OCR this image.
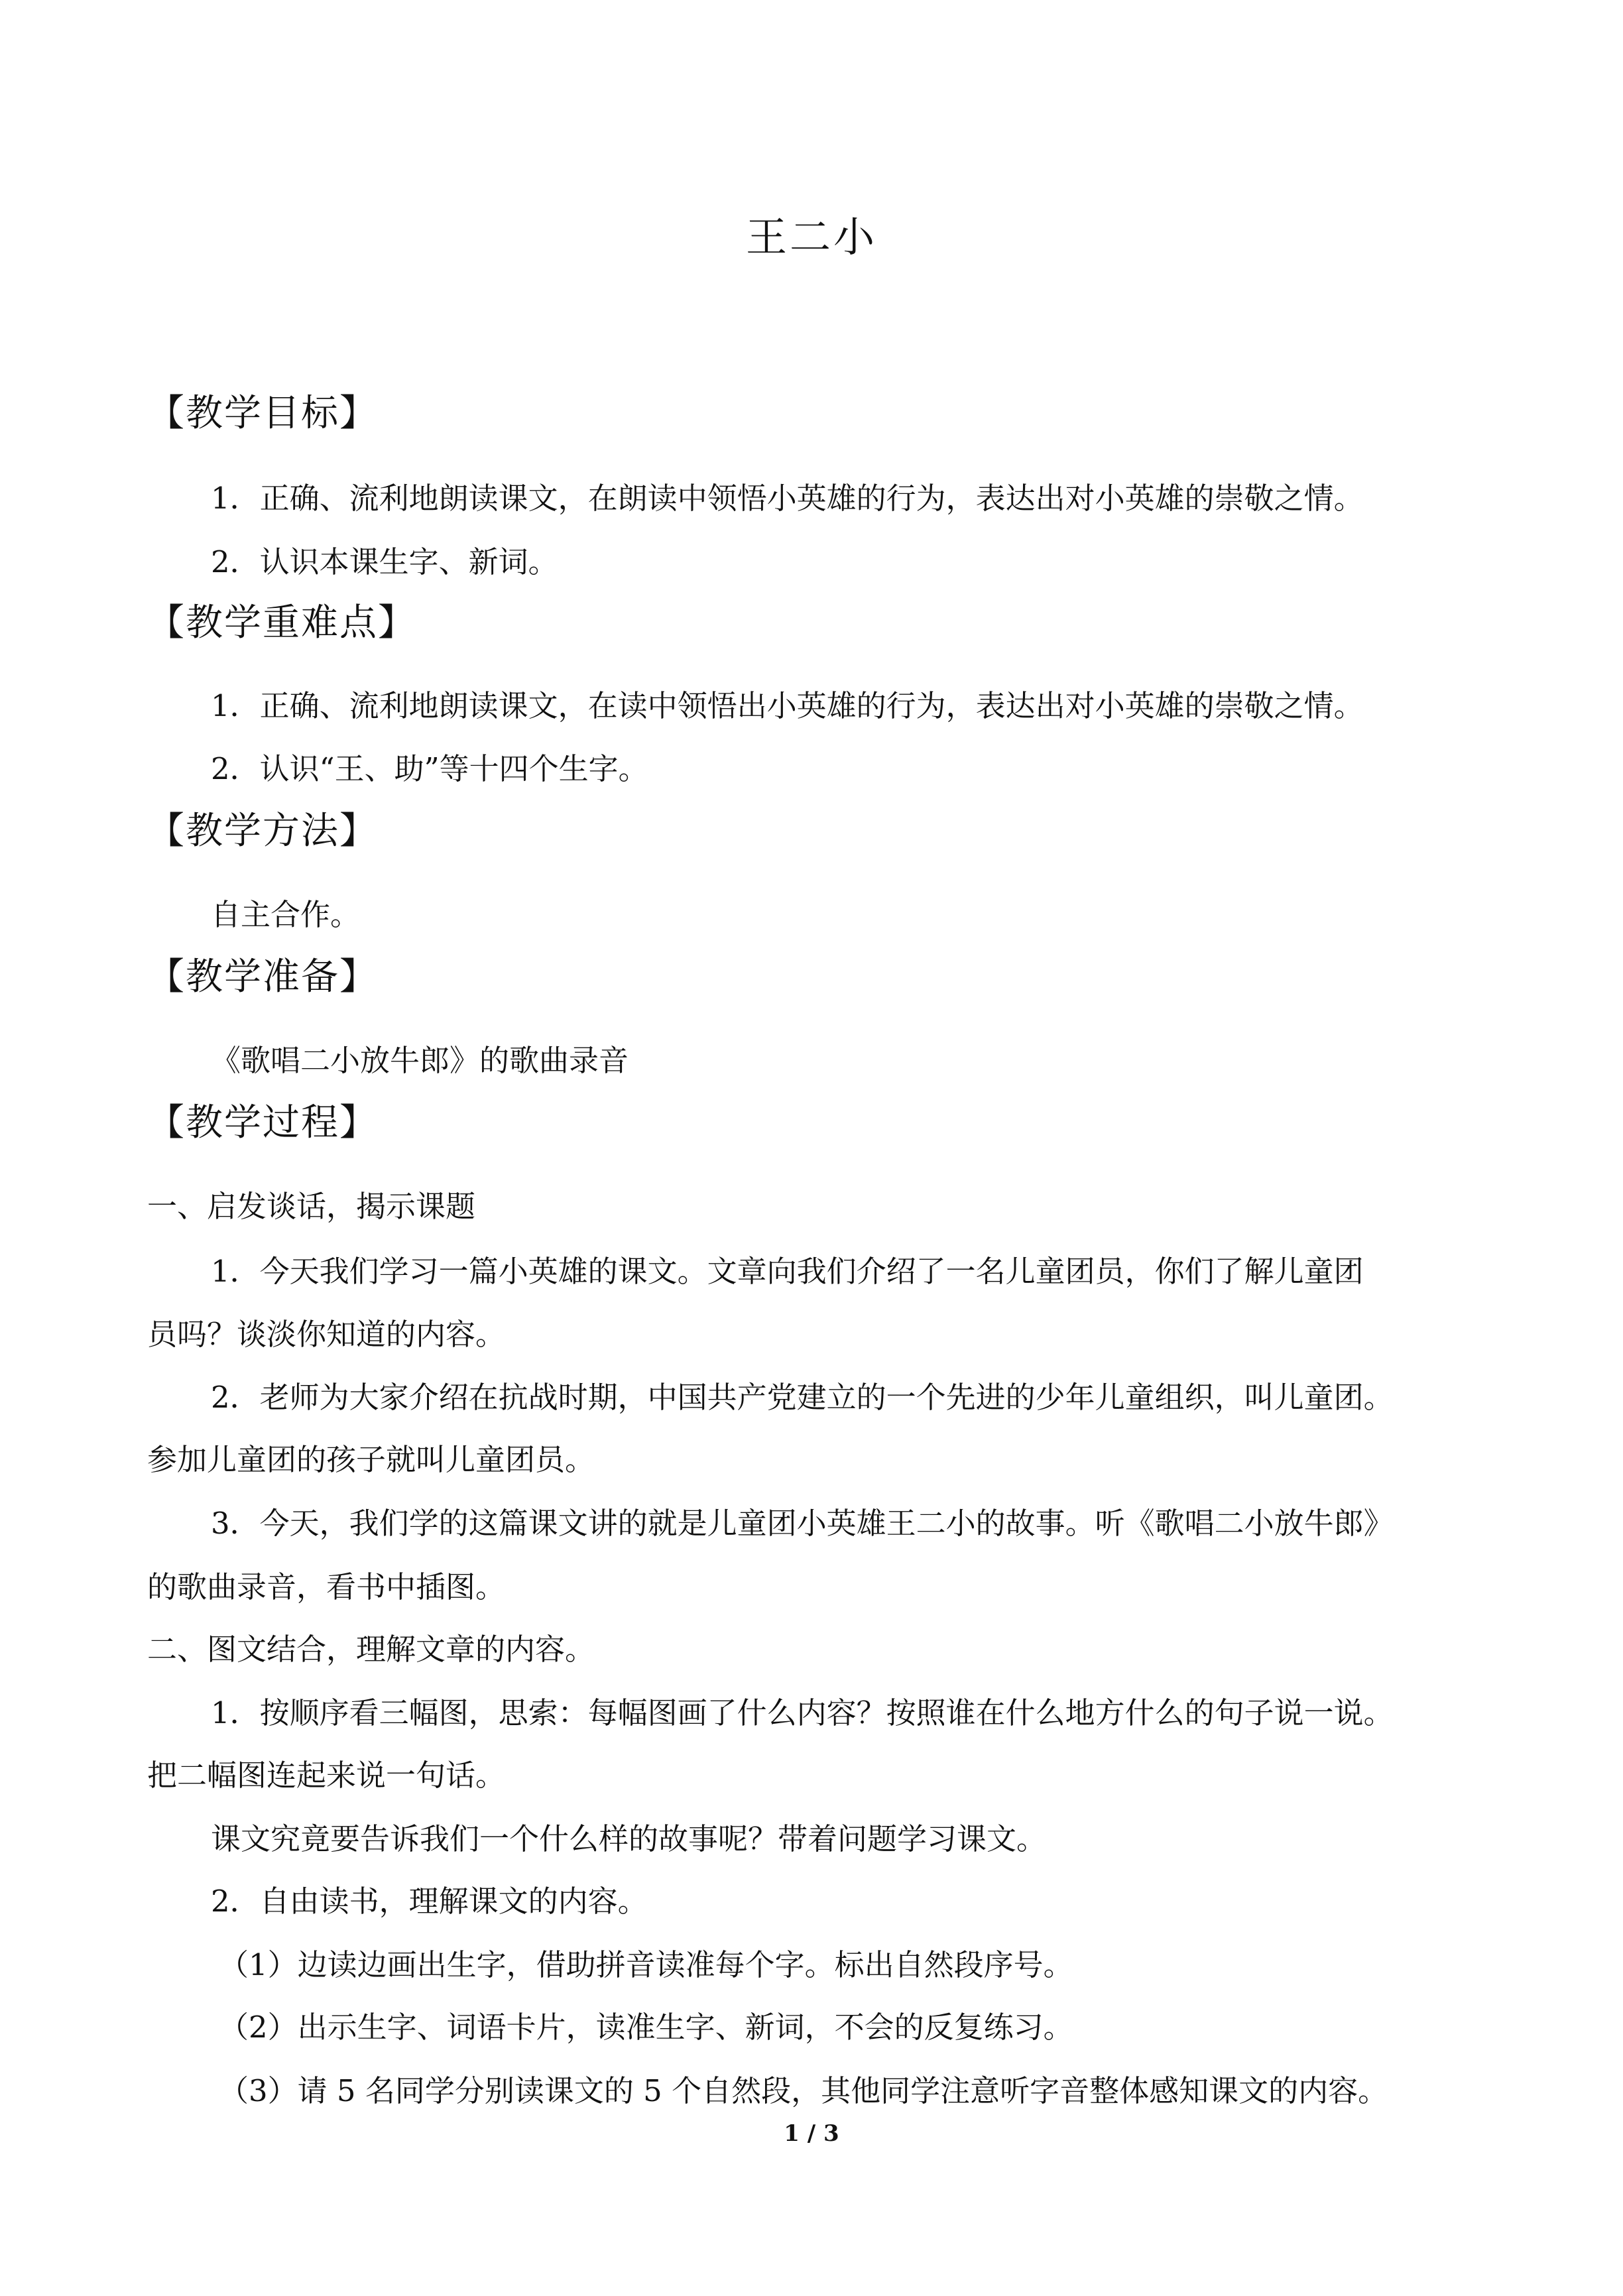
王二小
【教学目标】
1．正确、流利地朗读课文，在朗读中领悟小英雄的行为，表达出对小英雄的崇敬之情。
2．认识本课生字、新词。
【教学重难点】
1．正确、流利地朗读课文，在读中领悟出小英雄的行为，表达出对小英雄的崇敬之情。
2．认识“王、助”等十四个生字。
【教学方法】
自主合作。
【教学准备】
《歌唱二小放牛郎》的歌曲录音
【教学过程】
一、启发谈话，揭示课题
1．今天我们学习一篇小英雄的课文。文章向我们介绍了一名儿童团员，你们了解儿童团
员吗？谈淡你知道的内容。
2．老师为大家介绍在抗战时期，中国共产党建立的一个先进的少年儿童组织，叫儿童团。
参加儿童团的孩子就叫儿童团员。
3．今天，我们学的这篇课文讲的就是儿童团小英雄王二小的故事。听《歌唱二小放牛郎》
的歌曲录音，看书中插图。
二、图文结合，理解文章的内容。
1．按顺序看三幅图，思索：每幅图画了什么内容？按照谁在什么地方什么的句子说一说。
把二幅图连起来说一句话。
课文究竟要告诉我们一个什么样的故事呢？带着问题学习课文。
2．自由读书，理解课文的内容。
（1）边读边画出生字，借助拼音读准每个字。标出自然段序号。
（2）出示生字、词语卡片，读准生字、新词，不会的反复练习。
（3）请 5 名同学分别读课文的 5 个自然段，其他同学注意听字音整体感知课文的内容。
1 / 3
